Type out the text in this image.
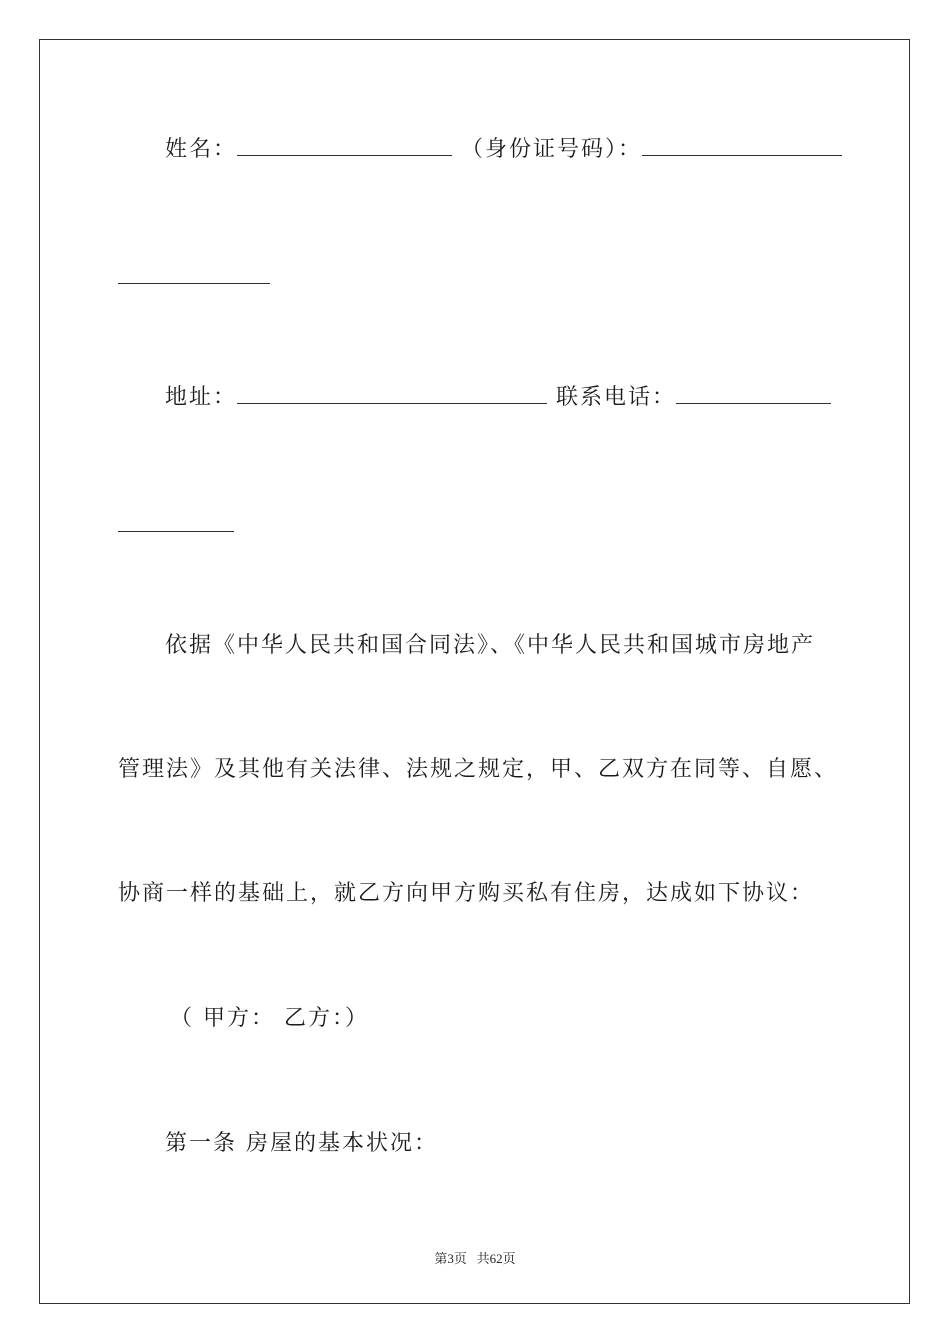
姓名：	（身份证号码）：
地址：	联系电话：
依据《中华人民共和国合同法》、《中华人民共和国城市房地产
管理法》及其他有关法律、法规之规定，甲、乙双方在同等、自愿、
协商一样的基础上，就乙方向甲方购买私有住房，达成如下协议：
（ 甲方： 乙方：）
第一条 房屋的基本状况：
第3页 共62页
